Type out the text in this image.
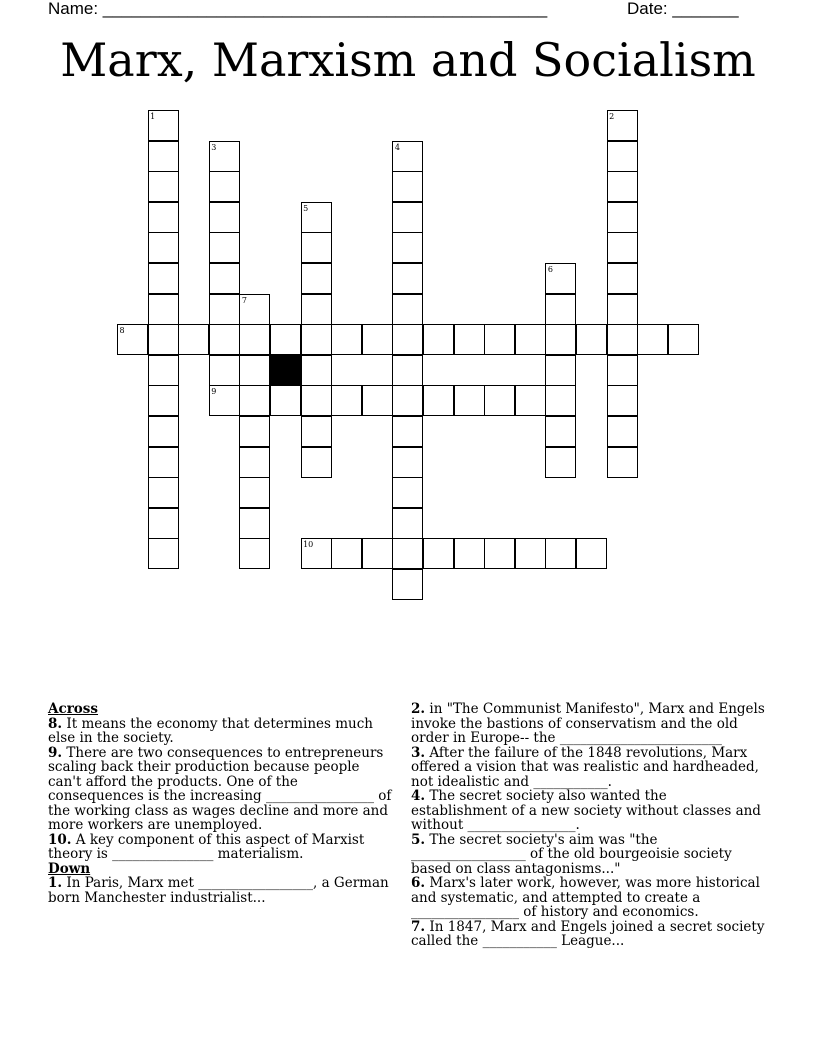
Name: _______________________________________________	Date: _______
Marx, Marxism and Socialism
8
9
10
1	2
3	4
5
6
7
Across

8. It means the economy that determines much else in the society.

9. There are two consequences to entrepreneurs scaling back their production because people can't afford the products. One of the consequences is the increasing ________________ of the working class as wages decline and more and more workers are unemployed.

10. A key component of this aspect of Marxist theory is _______________ materialism.

Down

1. In Paris, Marx met _________________, a German born Manchester industrialist...

2. in "The Communist Manifesto", Marx and Engels invoke the bastions of conservatism and the old order in Europe-- the ________________________

3. After the failure of the 1848 revolutions, Marx offered a vision that was realistic and hardheaded, not idealistic and ___________.

4. The secret society also wanted the establishment of a new society without classes and without ________________.

5. The secret society's aim was "the _________________ of the old bourgeoisie society based on class antagonisms..."

6. Marx's later work, however, was more historical and systematic, and attempted to create a ________________ of history and economics.

7. In 1847, Marx and Engels joined a secret society called the ___________ League...
